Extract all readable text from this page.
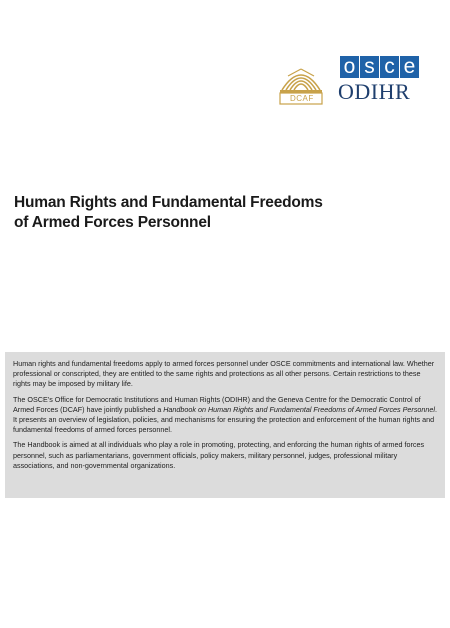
DCAF
o s c e
ODIHR
Human Rights and Fundamental Freedoms
of Armed Forces Personnel

Human rights and fundamental freedoms apply to armed forces personnel under OSCE commitments and international law. Whether professional or conscripted, they are entitled to the same rights and protections as all other persons. Certain restrictions to these rights may be imposed by military life.

The OSCE’s Office for Democratic Institutions and Human Rights (ODIHR) and the Geneva Centre for the Democratic Control of Armed Forces (DCAF) have jointly published a Handbook on Human Rights and Fundamental Freedoms of Armed Forces Personnel. It presents an overview of legislation, policies, and mechanisms for ensuring the protection and enforcement of the human rights and fundamental freedoms of armed forces personnel.

The Handbook is aimed at all individuals who play a role in promoting, protecting, and enforcing the human rights of armed forces personnel, such as parliamentarians, government officials, policy makers, military personnel, judges, professional military associations, and non-governmental organizations.
